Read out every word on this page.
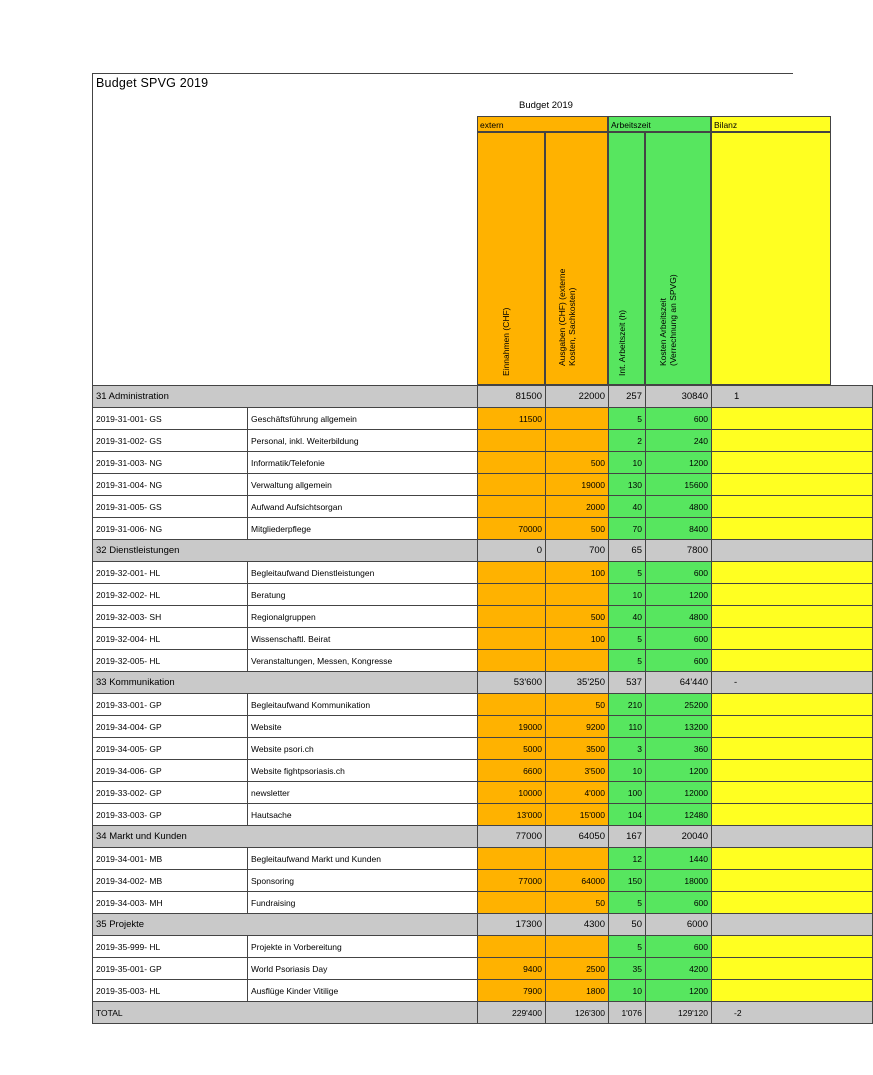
Budget SPVG 2019
Budget 2019
extern	Arbeitszeit	Bilanz
Einnahmen (CHF)	Ausgaben (CHF) (externe Kosten, Sachkosten)	Int. Arbeitszeit (h)	Kosten Arbeitszeit (Verrechnung an SPVG)
31 Administration		81500	22000	257	30840	1
2019-31-001- GS	Geschäftsführung allgemein	11500		5	600	
2019-31-002- GS	Personal, inkl. Weiterbildung			2	240	
2019-31-003- NG	Informatik/Telefonie		500	10	1200	
2019-31-004- NG	Verwaltung allgemein		19000	130	15600	
2019-31-005- GS	Aufwand Aufsichtsorgan		2000	40	4800	
2019-31-006- NG	Mitgliederpflege	70000	500	70	8400	
32 Dienstleistungen		0	700	65	7800	
2019-32-001- HL	Begleitaufwand Dienstleistungen		100	5	600	
2019-32-002- HL	Beratung			10	1200	
2019-32-003- SH	Regionalgruppen		500	40	4800	
2019-32-004- HL	Wissenschaftl. Beirat		100	5	600	
2019-32-005- HL	Veranstaltungen, Messen, Kongresse			5	600	
33 Kommunikation		53'600	35'250	537	64'440	-
2019-33-001- GP	Begleitaufwand Kommunikation		50	210	25200	
2019-34-004- GP	Website	19000	9200	110	13200	
2019-34-005- GP	Website psori.ch	5000	3500	3	360	
2019-34-006- GP	Website fightpsoriasis.ch	6600	3'500	10	1200	
2019-33-002- GP	newsletter	10000	4'000	100	12000	
2019-33-003- GP	Hautsache	13'000	15'000	104	12480	
34 Markt und Kunden		77000	64050	167	20040	
2019-34-001- MB	Begleitaufwand Markt und Kunden			12	1440	
2019-34-002- MB	Sponsoring	77000	64000	150	18000	
2019-34-003- MH	Fundraising		50	5	600	
35 Projekte		17300	4300	50	6000	
2019-35-999- HL	Projekte in Vorbereitung			5	600	
2019-35-001- GP	World Psoriasis Day	9400	2500	35	4200	
2019-35-003- HL	Ausflüge Kinder Vitilige	7900	1800	10	1200	
TOTAL		229'400	126'300	1'076	129'120	-2
